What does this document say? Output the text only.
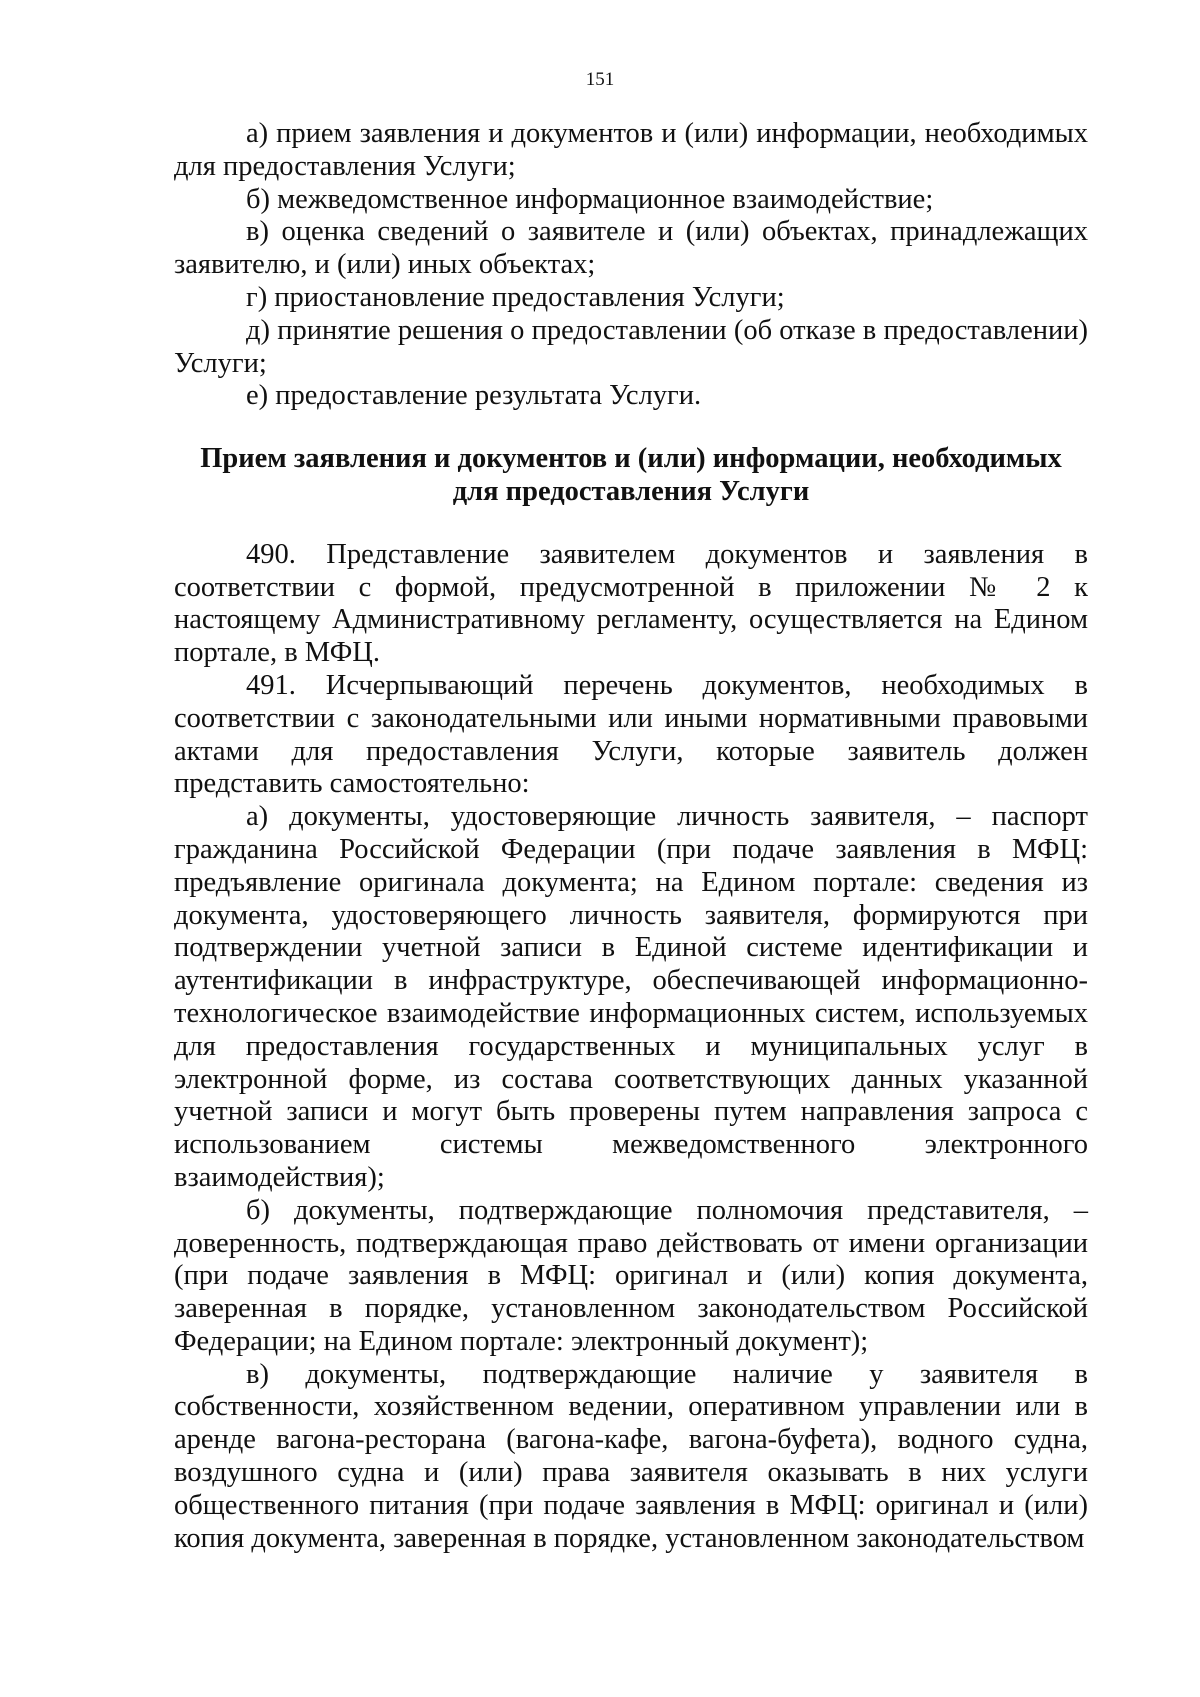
151

а) прием заявления и документов и (или) информации, необходимых для предоставления Услуги;

б) межведомственное информационное взаимодействие;

в) оценка сведений о заявителе и (или) объектах, принадлежащих заявителю, и (или) иных объектах;

г) приостановление предоставления Услуги;

д) принятие решения о предоставлении (об отказе в предоставлении) Услуги;

е) предоставление результата Услуги.

Прием заявления и документов и (или) информации, необходимых для предоставления Услуги

490. Представление заявителем документов и заявления в соответствии с формой, предусмотренной в приложении № 2 к настоящему Административному регламенту, осуществляется на Едином портале, в МФЦ.

491. Исчерпывающий перечень документов, необходимых в соответствии с законодательными или иными нормативными правовыми актами для предоставления Услуги, которые заявитель должен представить самостоятельно:

а) документы, удостоверяющие личность заявителя, – паспорт гражданина Российской Федерации (при подаче заявления в МФЦ: предъявление оригинала документа; на Едином портале: сведения из документа, удостоверяющего личность заявителя, формируются при подтверждении учетной записи в Единой системе идентификации и аутентификации в инфраструктуре, обеспечивающей информационно-технологическое взаимодействие информационных систем, используемых для предоставления государственных и муниципальных услуг в электронной форме, из состава соответствующих данных указанной учетной записи и могут быть проверены путем направления запроса с использованием системы межведомственного электронного взаимодействия);

б) документы, подтверждающие полномочия представителя, – доверенность, подтверждающая право действовать от имени организации (при подаче заявления в МФЦ: оригинал и (или) копия документа, заверенная в порядке, установленном законодательством Российской Федерации; на Едином портале: электронный документ);

в) документы, подтверждающие наличие у заявителя в собственности, хозяйственном ведении, оперативном управлении или в аренде вагона-ресторана (вагона-кафе, вагона-буфета), водного судна, воздушного судна и (или) права заявителя оказывать в них услуги общественного питания (при подаче заявления в МФЦ: оригинал и (или) копия документа, заверенная в порядке, установленном законодательством
